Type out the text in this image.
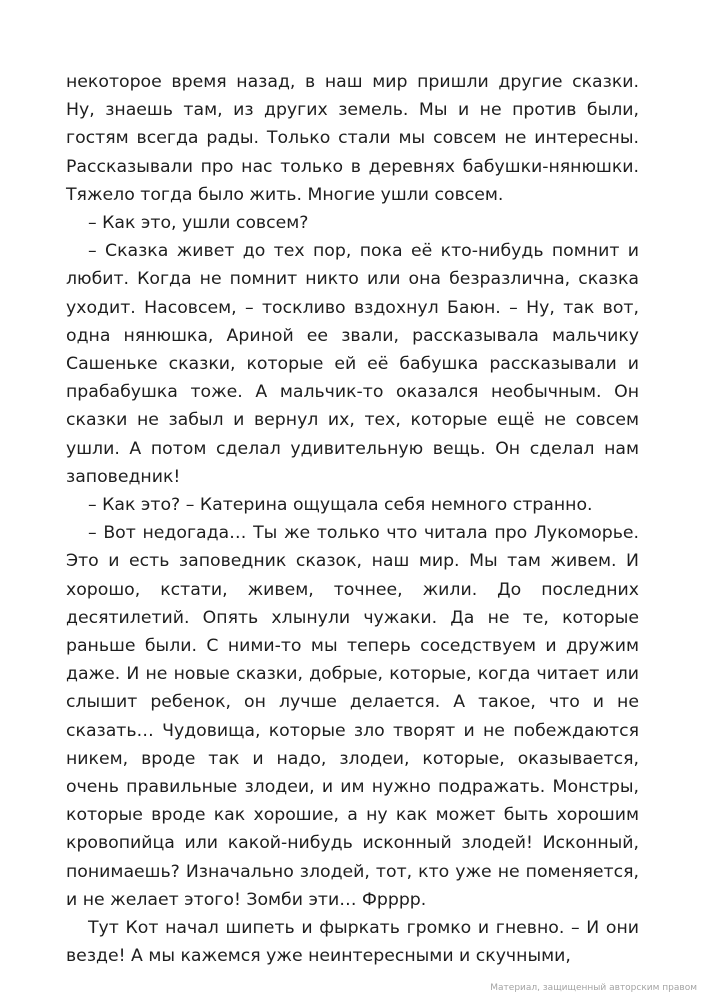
некоторое время назад, в наш мир пришли другие сказки. Ну, знаешь там, из других земель. Мы и не против были, гостям всегда рады. Только стали мы совсем не интересны. Рассказывали про нас только в деревнях бабушки-нянюшки. Тяжело тогда было жить. Многие ушли совсем.

– Как это, ушли совсем?

– Сказка живет до тех пор, пока её кто-нибудь помнит и любит. Когда не помнит никто или она безразлична, сказка уходит. Насовсем, – тоскливо вздохнул Баюн. – Ну, так вот, одна нянюшка, Ариной ее звали, рассказывала мальчику Сашеньке сказки, которые ей её бабушка рассказывали и прабабушка тоже. А мальчик-то оказался необычным. Он сказки не забыл и вернул их, тех, которые ещё не совсем ушли. А потом сделал удивительную вещь. Он сделал нам заповедник!

– Как это? – Катерина ощущала себя немного странно.

– Вот недогада… Ты же только что читала про Лукоморье. Это и есть заповедник сказок, наш мир. Мы там живем. И хорошо, кстати, живем, точнее, жили. До последних десятилетий. Опять хлынули чужаки. Да не те, которые раньше были. С ними-то мы теперь соседствуем и дружим даже. И не новые сказки, добрые, которые, когда читает или слышит ребенок, он лучше делается. А такое, что и не сказать… Чудовища, которые зло творят и не побеждаются никем, вроде так и надо, злодеи, которые, оказывается, очень правильные злодеи, и им нужно подражать. Монстры, которые вроде как хорошие, а ну как может быть хорошим кровопийца или какой-нибудь исконный злодей! Исконный, понимаешь? Изначально злодей, тот, кто уже не поменяется, и не желает этого! Зомби эти… Фрррр.

Тут Кот начал шипеть и фыркать громко и гневно. – И они везде! А мы кажемся уже неинтересными и скучными,

Материал, защищенный авторским правом
